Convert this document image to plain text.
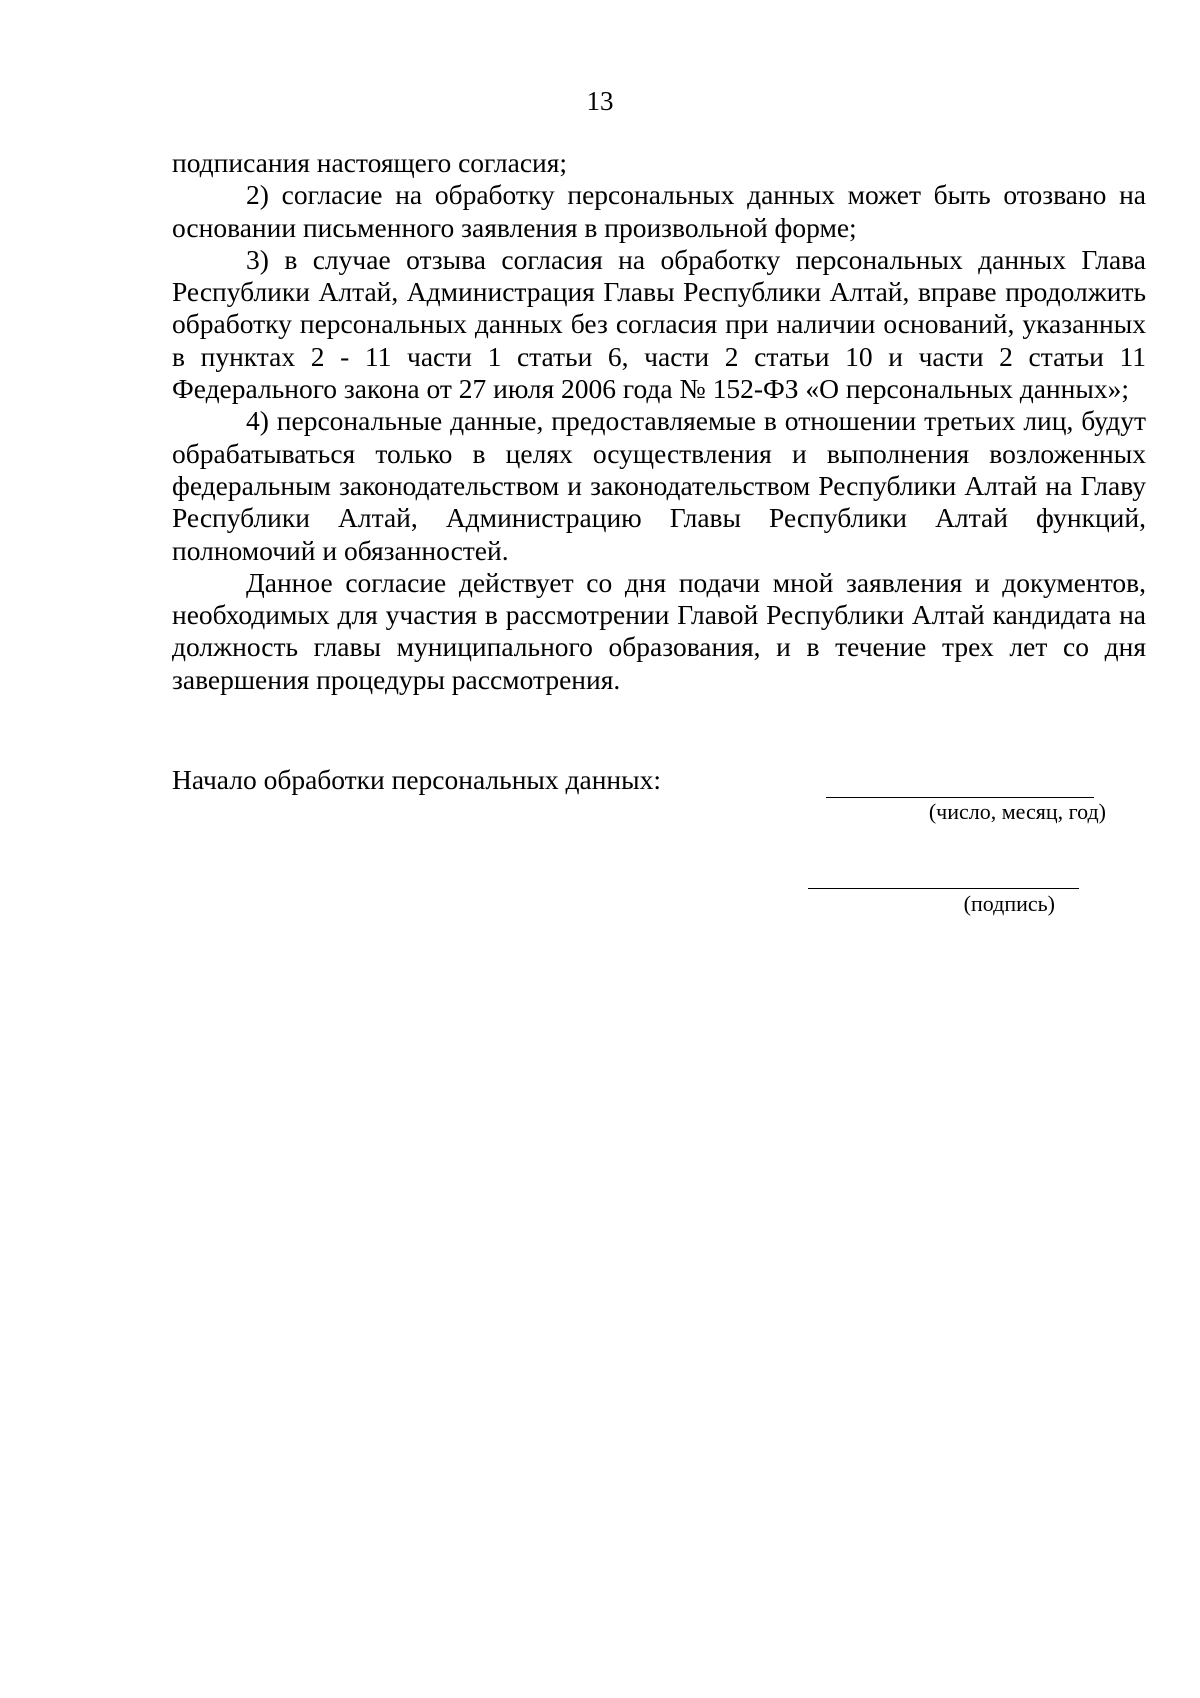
13

подписания настоящего согласия;

2) согласие на обработку персональных данных может быть отозвано на основании письменного заявления в произвольной форме;

3) в случае отзыва согласия на обработку персональных данных Глава Республики Алтай, Администрация Главы Республики Алтай, вправе продолжить обработку персональных данных без согласия при наличии оснований, указанных в пунктах 2 - 11 части 1 статьи 6, части 2 статьи 10 и части 2 статьи 11 Федерального закона от 27 июля 2006 года № 152-ФЗ «О персональных данных»;

4) персональные данные, предоставляемые в отношении третьих лиц, будут обрабатываться только в целях осуществления и выполнения возложенных федеральным законодательством и законодательством Республики Алтай на Главу Республики Алтай, Администрацию Главы Республики Алтай функций, полномочий и обязанностей.

Данное согласие действует со дня подачи мной заявления и документов, необходимых для участия в рассмотрении Главой Республики Алтай кандидата на должность главы муниципального образования, и в течение трех лет со дня завершения процедуры рассмотрения.

Начало обработки персональных данных:
(число, месяц, год)
(подпись)
